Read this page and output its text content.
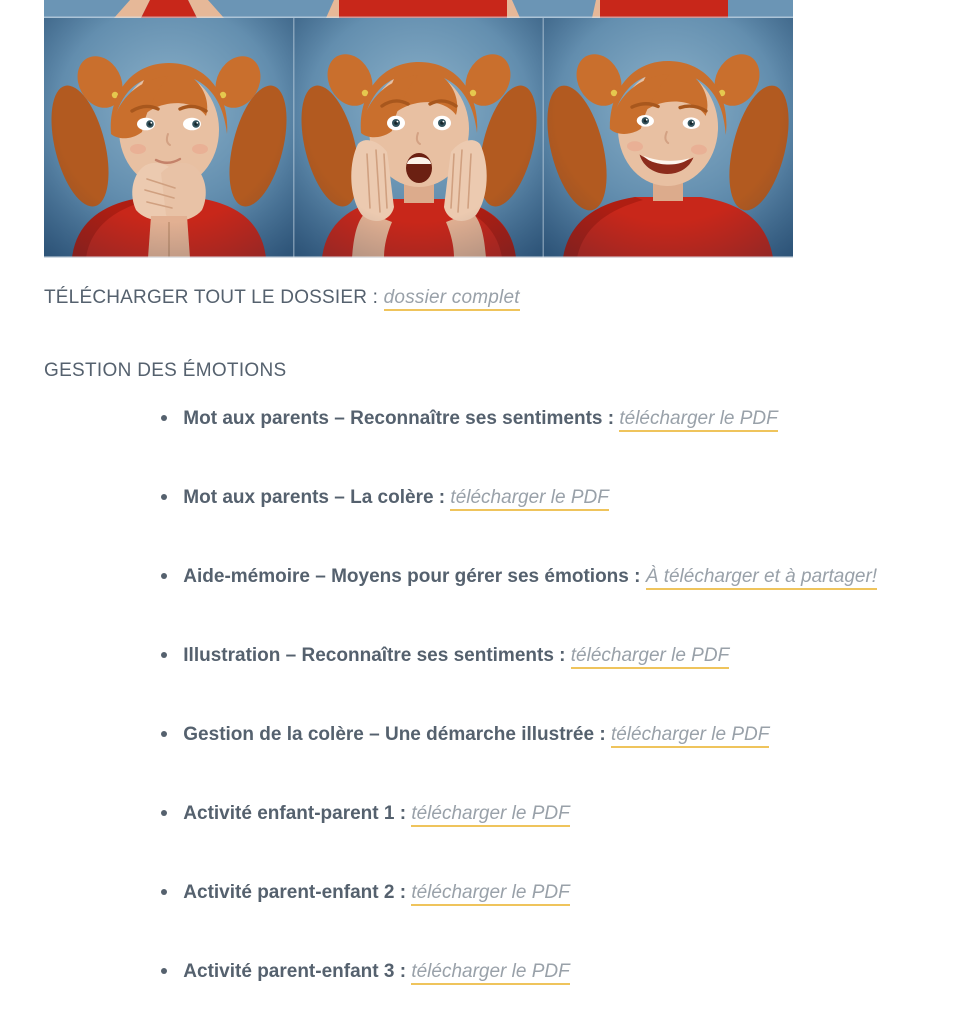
TÉLÉCHARGER TOUT LE DOSSIER : dossier complet

GESTION DES ÉMOTIONS

Mot aux parents – Reconnaître ses sentiments : télécharger le PDF
Mot aux parents – La colère : télécharger le PDF
Aide-mémoire – Moyens pour gérer ses émotions : À télécharger et à partager!
Illustration – Reconnaître ses sentiments : télécharger le PDF
Gestion de la colère – Une démarche illustrée : télécharger le PDF
Activité enfant-parent 1 : télécharger le PDF
Activité parent-enfant 2 : télécharger le PDF
Activité parent-enfant 3 : télécharger le PDF
